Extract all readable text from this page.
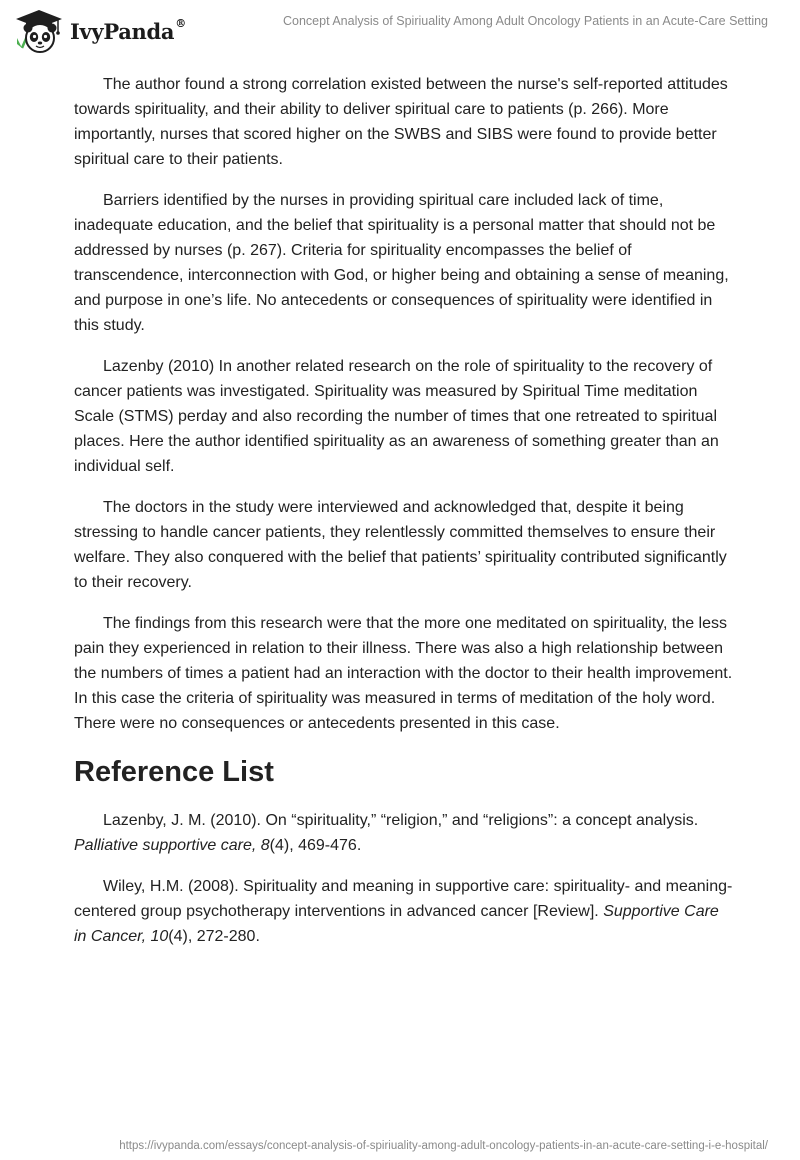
IvyPanda®	Concept Analysis of Spiriuality Among Adult Oncology Patients in an Acute-Care Setting

The author found a strong correlation existed between the nurse's self-reported attitudes towards spirituality, and their ability to deliver spiritual care to patients (p. 266). More importantly, nurses that scored higher on the SWBS and SIBS were found to provide better spiritual care to their patients.

Barriers identified by the nurses in providing spiritual care included lack of time, inadequate education, and the belief that spirituality is a personal matter that should not be addressed by nurses (p. 267). Criteria for spirituality encompasses the belief of transcendence, interconnection with God, or higher being and obtaining a sense of meaning, and purpose in one’s life. No antecedents or consequences of spirituality were identified in this study.

Lazenby (2010) In another related research on the role of spirituality to the recovery of cancer patients was investigated. Spirituality was measured by Spiritual Time meditation Scale (STMS) perday and also recording the number of times that one retreated to spiritual places. Here the author identified spirituality as an awareness of something greater than an individual self.

The doctors in the study were interviewed and acknowledged that, despite it being stressing to handle cancer patients, they relentlessly committed themselves to ensure their welfare. They also conquered with the belief that patients’ spirituality contributed significantly to their recovery.

The findings from this research were that the more one meditated on spirituality, the less pain they experienced in relation to their illness. There was also a high relationship between the numbers of times a patient had an interaction with the doctor to their health improvement. In this case the criteria of spirituality was measured in terms of meditation of the holy word. There were no consequences or antecedents presented in this case.

Reference List

Lazenby, J. M. (2010). On “spirituality,” “religion,” and “religions”: a concept analysis. Palliative supportive care, 8(4), 469-476.

Wiley, H.M. (2008). Spirituality and meaning in supportive care: spirituality- and meaning-centered group psychotherapy interventions in advanced cancer [Review]. Supportive Care in Cancer, 10(4), 272-280.

https://ivypanda.com/essays/concept-analysis-of-spiriuality-among-adult-oncology-patients-in-an-acute-care-setting-i-e-hospital/
